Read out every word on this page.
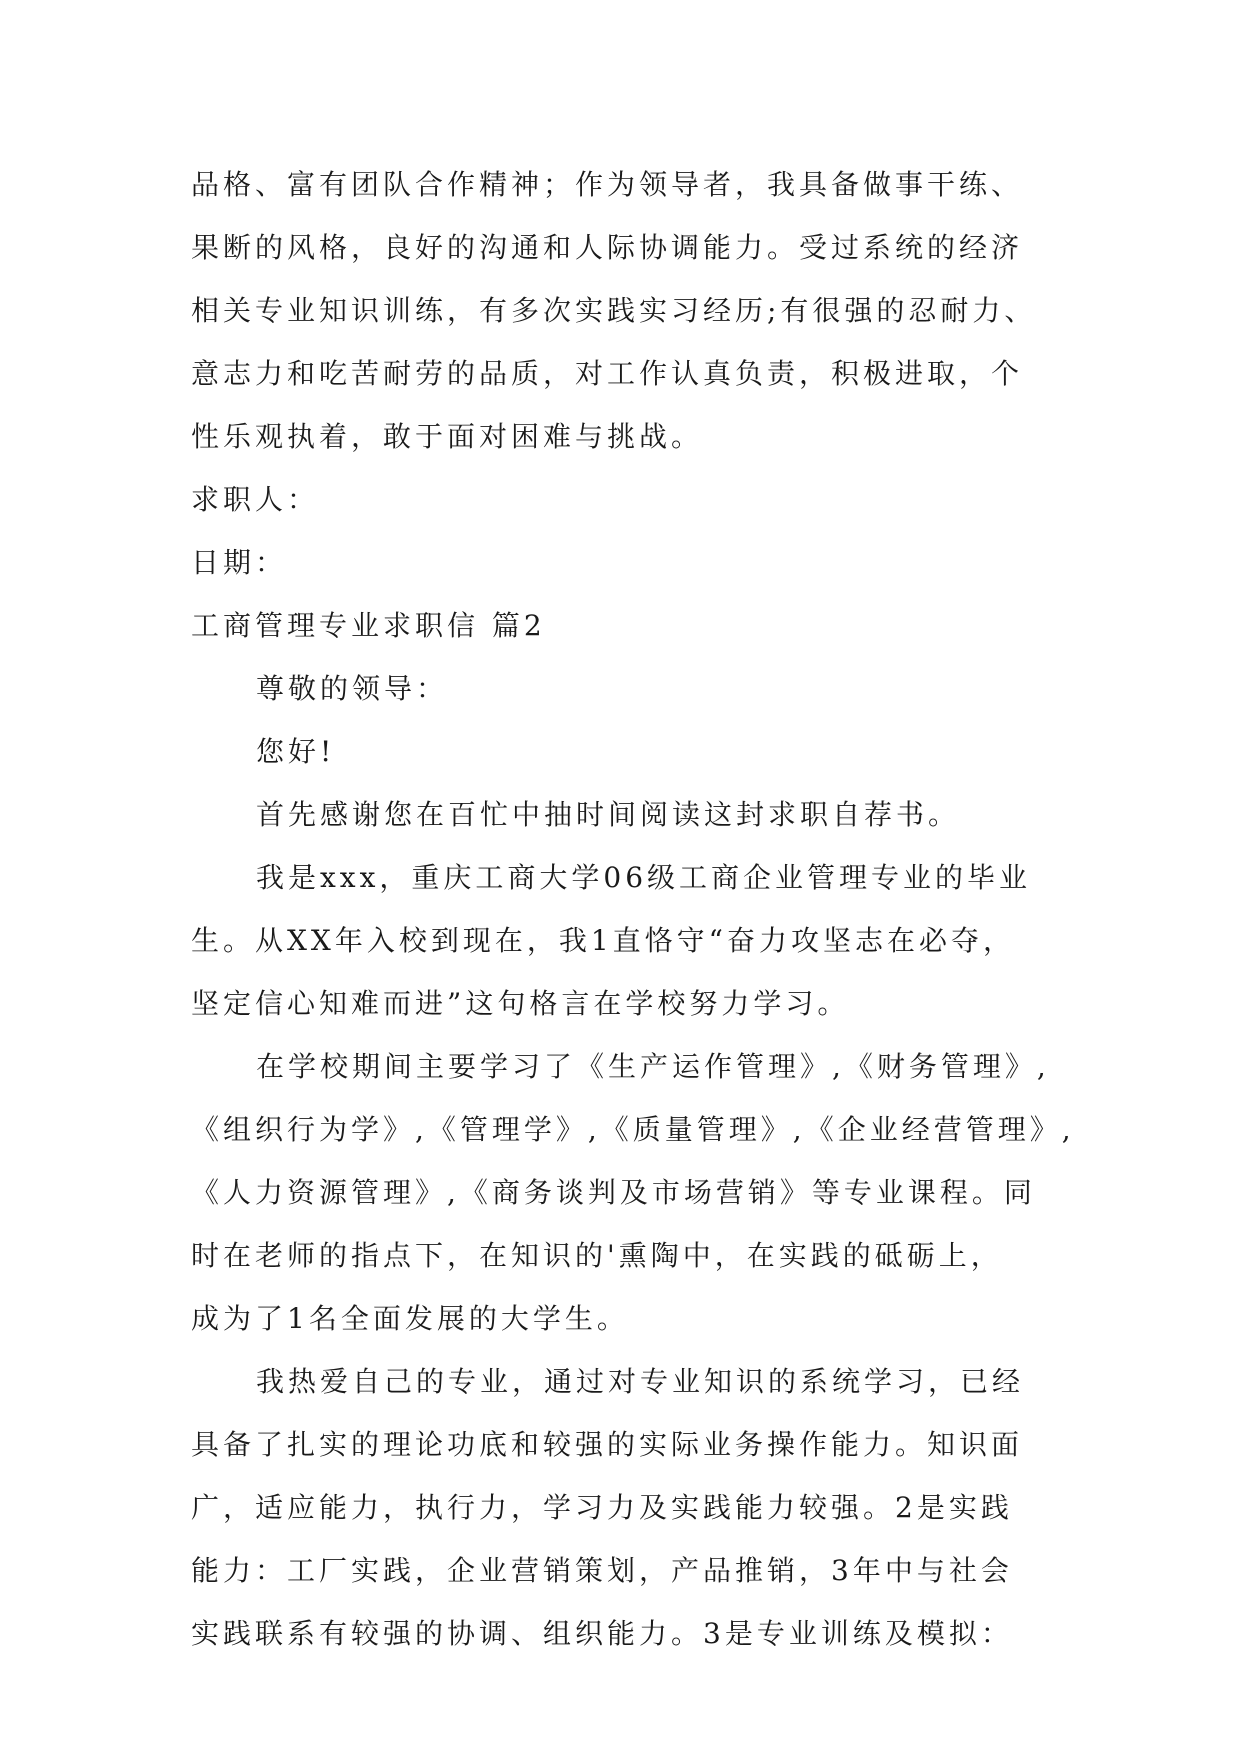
品格、富有团队合作精神；作为领导者，我具备做事干练、
果断的风格，良好的沟通和人际协调能力。受过系统的经济
相关专业知识训练，有多次实践实习经历;有很强的忍耐力、
意志力和吃苦耐劳的品质，对工作认真负责，积极进取，个
性乐观执着，敢于面对困难与挑战。
求职人：
日期：
工商管理专业求职信 篇2
尊敬的领导：
您好!
首先感谢您在百忙中抽时间阅读这封求职自荐书。
我是xxx，重庆工商大学06级工商企业管理专业的毕业
生。从XX年入校到现在，我1直恪守“奋力攻坚志在必夺，
坚定信心知难而进”这句格言在学校努力学习。
在学校期间主要学习了《生产运作管理》,《财务管理》,
《组织行为学》,《管理学》,《质量管理》,《企业经营管理》,
《人力资源管理》,《商务谈判及市场营销》等专业课程。同
时在老师的指点下，在知识的'熏陶中，在实践的砥砺上，
成为了1名全面发展的大学生。
我热爱自己的专业，通过对专业知识的系统学习，已经
具备了扎实的理论功底和较强的实际业务操作能力。知识面
广，适应能力，执行力，学习力及实践能力较强。2是实践
能力：工厂实践，企业营销策划，产品推销，3年中与社会
实践联系有较强的协调、组织能力。3是专业训练及模拟：
